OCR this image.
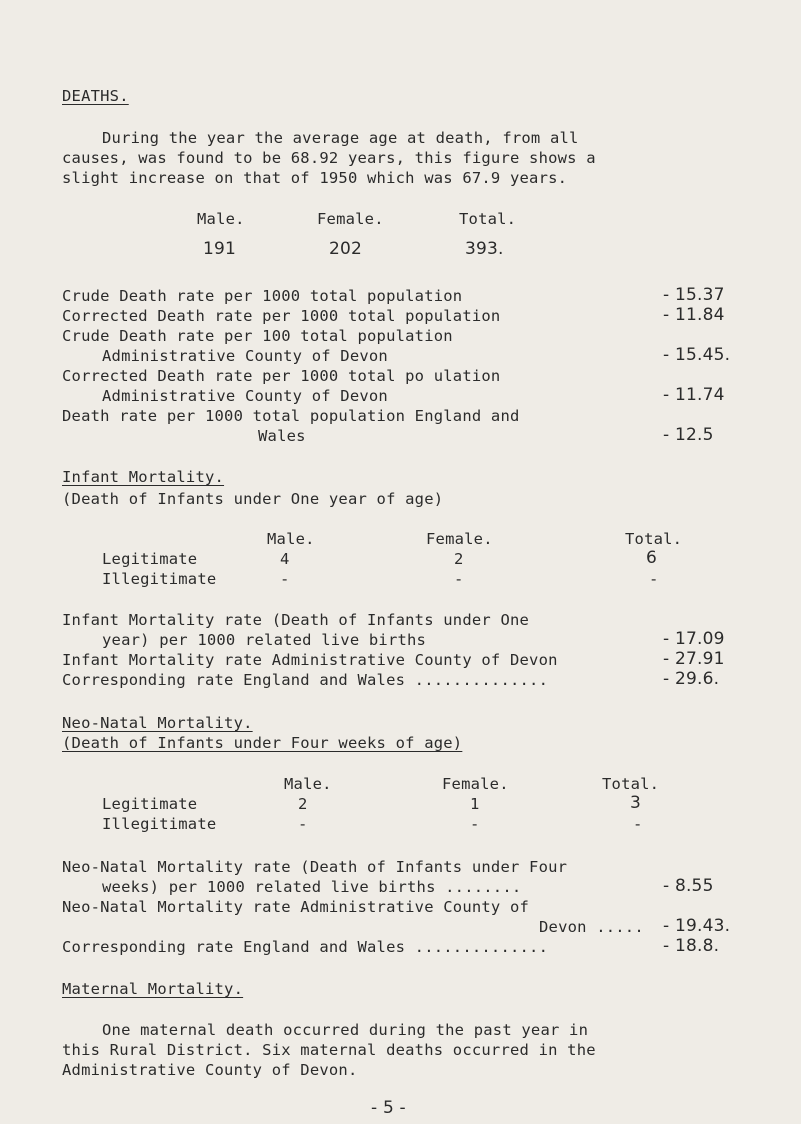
DEATHS.
During the year the average age at death, from all
causes, was found to be 68.92 years, this figure shows a
slight increase on that of 1950 which was 67.9 years.
Male.	Female.	Total.
191	202	393.
Crude Death rate per 1000 total population	- 15.37
Corrected Death rate per 1000 total population	- 11.84
Crude Death rate per 100 total population
Administrative County of Devon	- 15.45.
Corrected Death rate per 1000 total po ulation
Administrative County of Devon	- 11.74
Death rate per 1000 total population England and
Wales	- 12.5
Infant Mortality.
(Death of Infants under One year of age)
Male.	Female.	Total.
Legitimate	4	2	6
Illegitimate	-	-	-
Infant Mortality rate (Death of Infants under One
year) per 1000 related live births	- 17.09
Infant Mortality rate Administrative County of Devon	- 27.91
Corresponding rate England and Wales ..............	- 29.6.
Neo-Natal Mortality.
(Death of Infants under Four weeks of age)
Male.	Female.	Total.
Legitimate	2	1	3
Illegitimate	-	-	-
Neo-Natal Mortality rate (Death of Infants under Four
weeks) per 1000 related live births ........	- 8.55
Neo-Natal Mortality rate Administrative County of
Devon ..... - 19.43.
Corresponding rate England and Wales ..............	- 18.8.
Maternal Mortality.
One maternal death occurred during the past year in
this Rural District. Six maternal deaths occurred in the
Administrative County of Devon.
- 5 -
